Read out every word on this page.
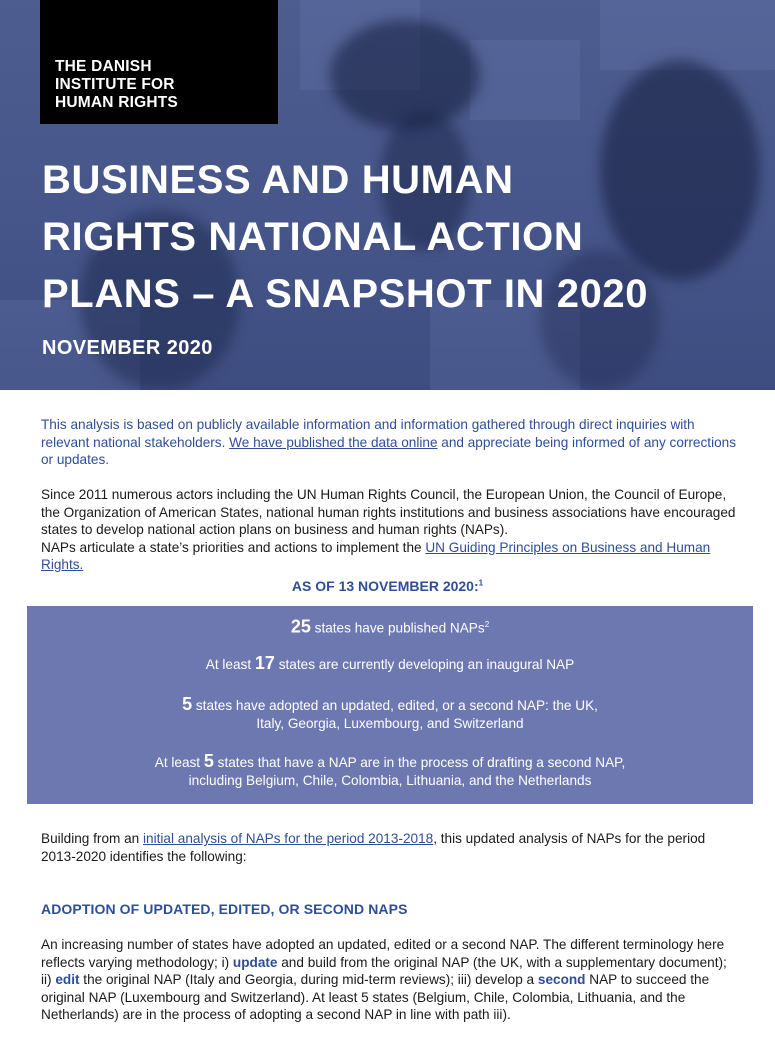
THE DANISH
INSTITUTE FOR
HUMAN RIGHTS
BUSINESS AND HUMAN
RIGHTS NATIONAL ACTION
PLANS – A SNAPSHOT IN 2020
NOVEMBER 2020
This analysis is based on publicly available information and information gathered through direct inquiries with relevant national stakeholders. We have published the data online and appreciate being informed of any corrections or updates.
Since 2011 numerous actors including the UN Human Rights Council, the European Union, the Council of Europe, the Organization of American States, national human rights institutions and business associations have encouraged states to develop national action plans on business and human rights (NAPs).
NAPs articulate a state’s priorities and actions to implement the UN Guiding Principles on Business and Human Rights.
AS OF 13 NOVEMBER 2020:$^1$
25 states have published NAPs$^2$
At least 17 states are currently developing an inaugural NAP
5 states have adopted an updated, edited, or a second NAP: the UK,
Italy, Georgia, Luxembourg, and Switzerland
At least 5 states that have a NAP are in the process of drafting a second NAP,
including Belgium, Chile, Colombia, Lithuania, and the Netherlands
Building from an initial analysis of NAPs for the period 2013-2018, this updated analysis of NAPs for the period 2013-2020 identifies the following:
ADOPTION OF UPDATED, EDITED, OR SECOND NAPS
An increasing number of states have adopted an updated, edited or a second NAP. The different terminology here reflects varying methodology; i) update and build from the original NAP (the UK, with a supplementary document); ii) edit the original NAP (Italy and Georgia, during mid-term reviews); iii) develop a second NAP to succeed the original NAP (Luxembourg and Switzerland). At least 5 states (Belgium, Chile, Colombia, Lithuania, and the Netherlands) are in the process of adopting a second NAP in line with path iii).
